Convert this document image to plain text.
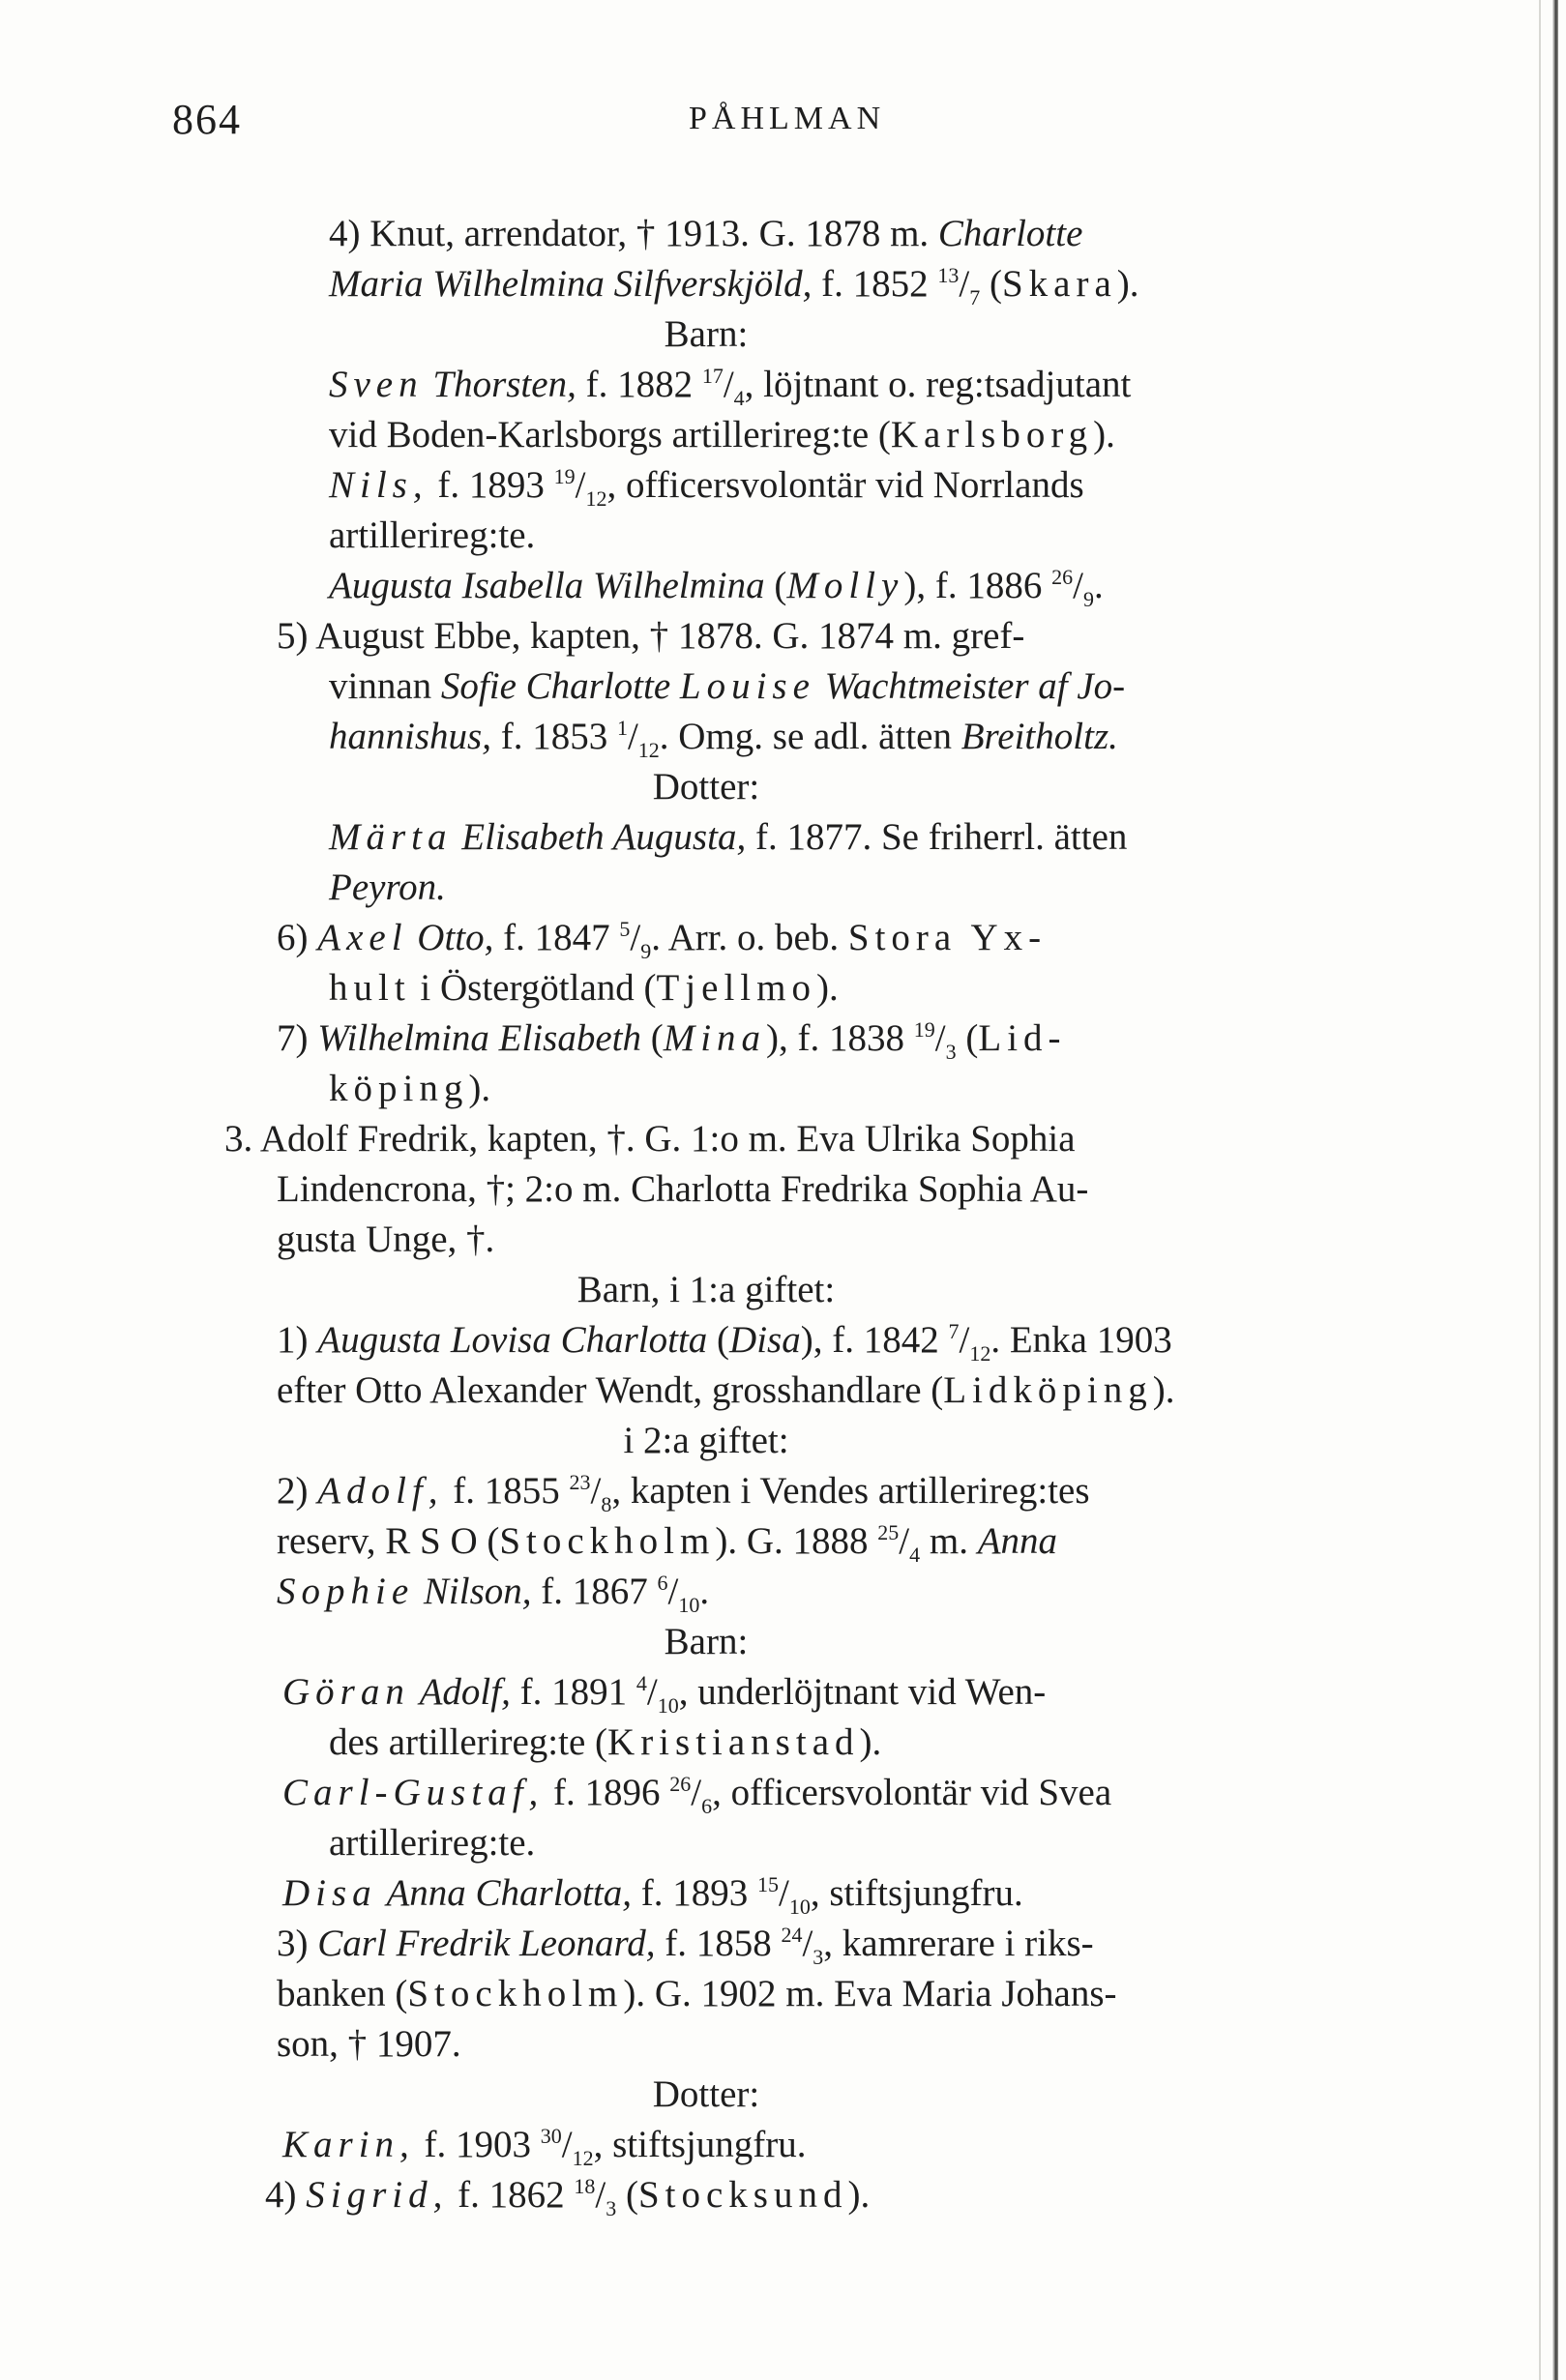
864	PÅHLMAN
4) Knut, arrendator, † 1913. G. 1878 m. Charlotte
Maria Wilhelmina Silfverskjöld, f. 1852 $^{13}/_7$ (Skara).
Barn:
Sven Thorsten, f. 1882 $^{17}/_4$, löjtnant o. reg:tsadjutant
vid Boden-Karlsborgs artillerireg:te (Karlsborg).
Nils, f. 1893 $^{19}/_{12}$, officersvolontär vid Norrlands
artillerireg:te.
Augusta Isabella Wilhelmina (Molly), f. 1886 $^{26}/_9$.
5) August Ebbe, kapten, † 1878. G. 1874 m. gref-
vinnan Sofie Charlotte Louise Wachtmeister af Jo-
hannishus, f. 1853 $^1/_{12}$. Omg. se adl. ätten Breitholtz.
Dotter:
Märta Elisabeth Augusta, f. 1877. Se friherrl. ätten
Peyron.
6) Axel Otto, f. 1847 $^5/_9$. Arr. o. beb. Stora Yx-
hult i Östergötland (Tjellmo).
7) Wilhelmina Elisabeth (Mina), f. 1838 $^{19}/_3$ (Lid-
köping).
3. Adolf Fredrik, kapten, †. G. 1:o m. Eva Ulrika Sophia
Lindencrona, †; 2:o m. Charlotta Fredrika Sophia Au-
gusta Unge, †.
Barn, i 1:a giftet:
1) Augusta Lovisa Charlotta (Disa), f. 1842 $^7/_{12}$. Enka 1903
efter Otto Alexander Wendt, grosshandlare (Lidköping).
i 2:a giftet:
2) Adolf, f. 1855 $^{23}/_8$, kapten i Vendes artillerireg:tes
reserv, R S O (Stockholm). G. 1888 $^{25}/_4$ m. Anna
Sophie Nilson, f. 1867 $^6/_{10}$.
Barn:
Göran Adolf, f. 1891 $^4/_{10}$, underlöjtnant vid Wen-
des artillerireg:te (Kristianstad).
Carl-Gustaf, f. 1896 $^{26}/_6$, officersvolontär vid Svea
artillerireg:te.
Disa Anna Charlotta, f. 1893 $^{15}/_{10}$, stiftsjungfru.
3) Carl Fredrik Leonard, f. 1858 $^{24}/_3$, kamrerare i riks-
banken (Stockholm). G. 1902 m. Eva Maria Johans-
son, † 1907.
Dotter:
Karin, f. 1903 $^{30}/_{12}$, stiftsjungfru.
4) Sigrid, f. 1862 $^{18}/_3$ (Stocksund).
